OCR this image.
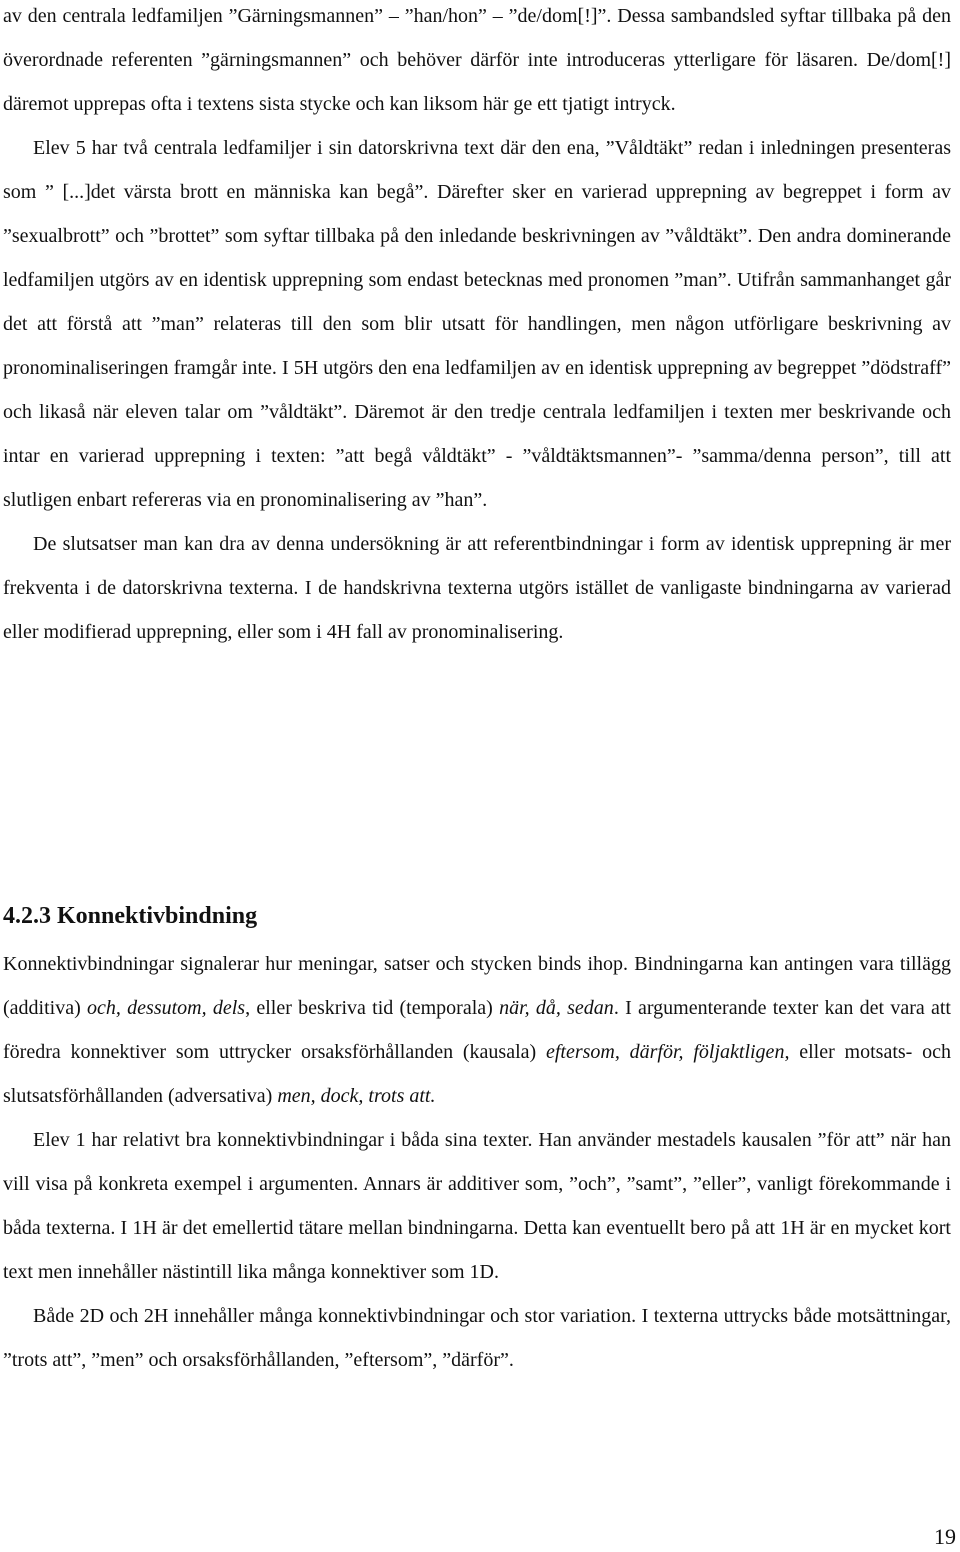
av den centrala ledfamiljen ”Gärningsmannen” – ”han/hon” – ”de/dom[!]”. Dessa sambandsled syftar tillbaka på den överordnade referenten ”gärningsmannen” och behöver därför inte introduceras ytterligare för läsaren. De/dom[!] däremot upprepas ofta i textens sista stycke och kan liksom här ge ett tjatigt intryck.

Elev 5 har två centrala ledfamiljer i sin datorskrivna text där den ena, ”Våldtäkt” redan i inledningen presenteras som ” [...]det värsta brott en människa kan begå”. Därefter sker en varierad upprepning av begreppet i form av ”sexualbrott” och ”brottet” som syftar tillbaka på den inledande beskrivningen av ”våldtäkt”. Den andra dominerande ledfamiljen utgörs av en identisk upprepning som endast betecknas med pronomen ”man”. Utifrån sammanhanget går det att förstå att ”man” relateras till den som blir utsatt för handlingen, men någon utförligare beskrivning av pronominaliseringen framgår inte. I 5H utgörs den ena ledfamiljen av en identisk upprepning av begreppet ”dödstraff” och likaså när eleven talar om ”våldtäkt”. Däremot är den tredje centrala ledfamiljen i texten mer beskrivande och intar en varierad upprepning i texten: ”att begå våldtäkt” - ”våldtäktsmannen”- ”samma/denna person”, till att slutligen enbart refereras via en pronominalisering av ”han”.

De slutsatser man kan dra av denna undersökning är att referentbindningar i form av identisk upprepning är mer frekventa i de datorskrivna texterna. I de handskrivna texterna utgörs istället de vanligaste bindningarna av varierad eller modifierad upprepning, eller som i 4H fall av pronominalisering.

4.2.3 Konnektivbindning

Konnektivbindningar signalerar hur meningar, satser och stycken binds ihop. Bindningarna kan antingen vara tillägg (additiva) och, dessutom, dels, eller beskriva tid (temporala) när, då, sedan. I argumenterande texter kan det vara att föredra konnektiver som uttrycker orsaksförhållanden (kausala) eftersom, därför, följaktligen, eller motsats- och slutsatsförhållanden (adversativa) men, dock, trots att.

Elev 1 har relativt bra konnektivbindningar i båda sina texter. Han använder mestadels kausalen ”för att” när han vill visa på konkreta exempel i argumenten. Annars är additiver som, ”och”, ”samt”, ”eller”, vanligt förekommande i båda texterna. I 1H är det emellertid tätare mellan bindningarna. Detta kan eventuellt bero på att 1H är en mycket kort text men innehåller nästintill lika många konnektiver som 1D.

Både 2D och 2H innehåller många konnektivbindningar och stor variation. I texterna uttrycks både motsättningar, ”trots att”, ”men” och orsaksförhållanden, ”eftersom”, ”därför”.

19
